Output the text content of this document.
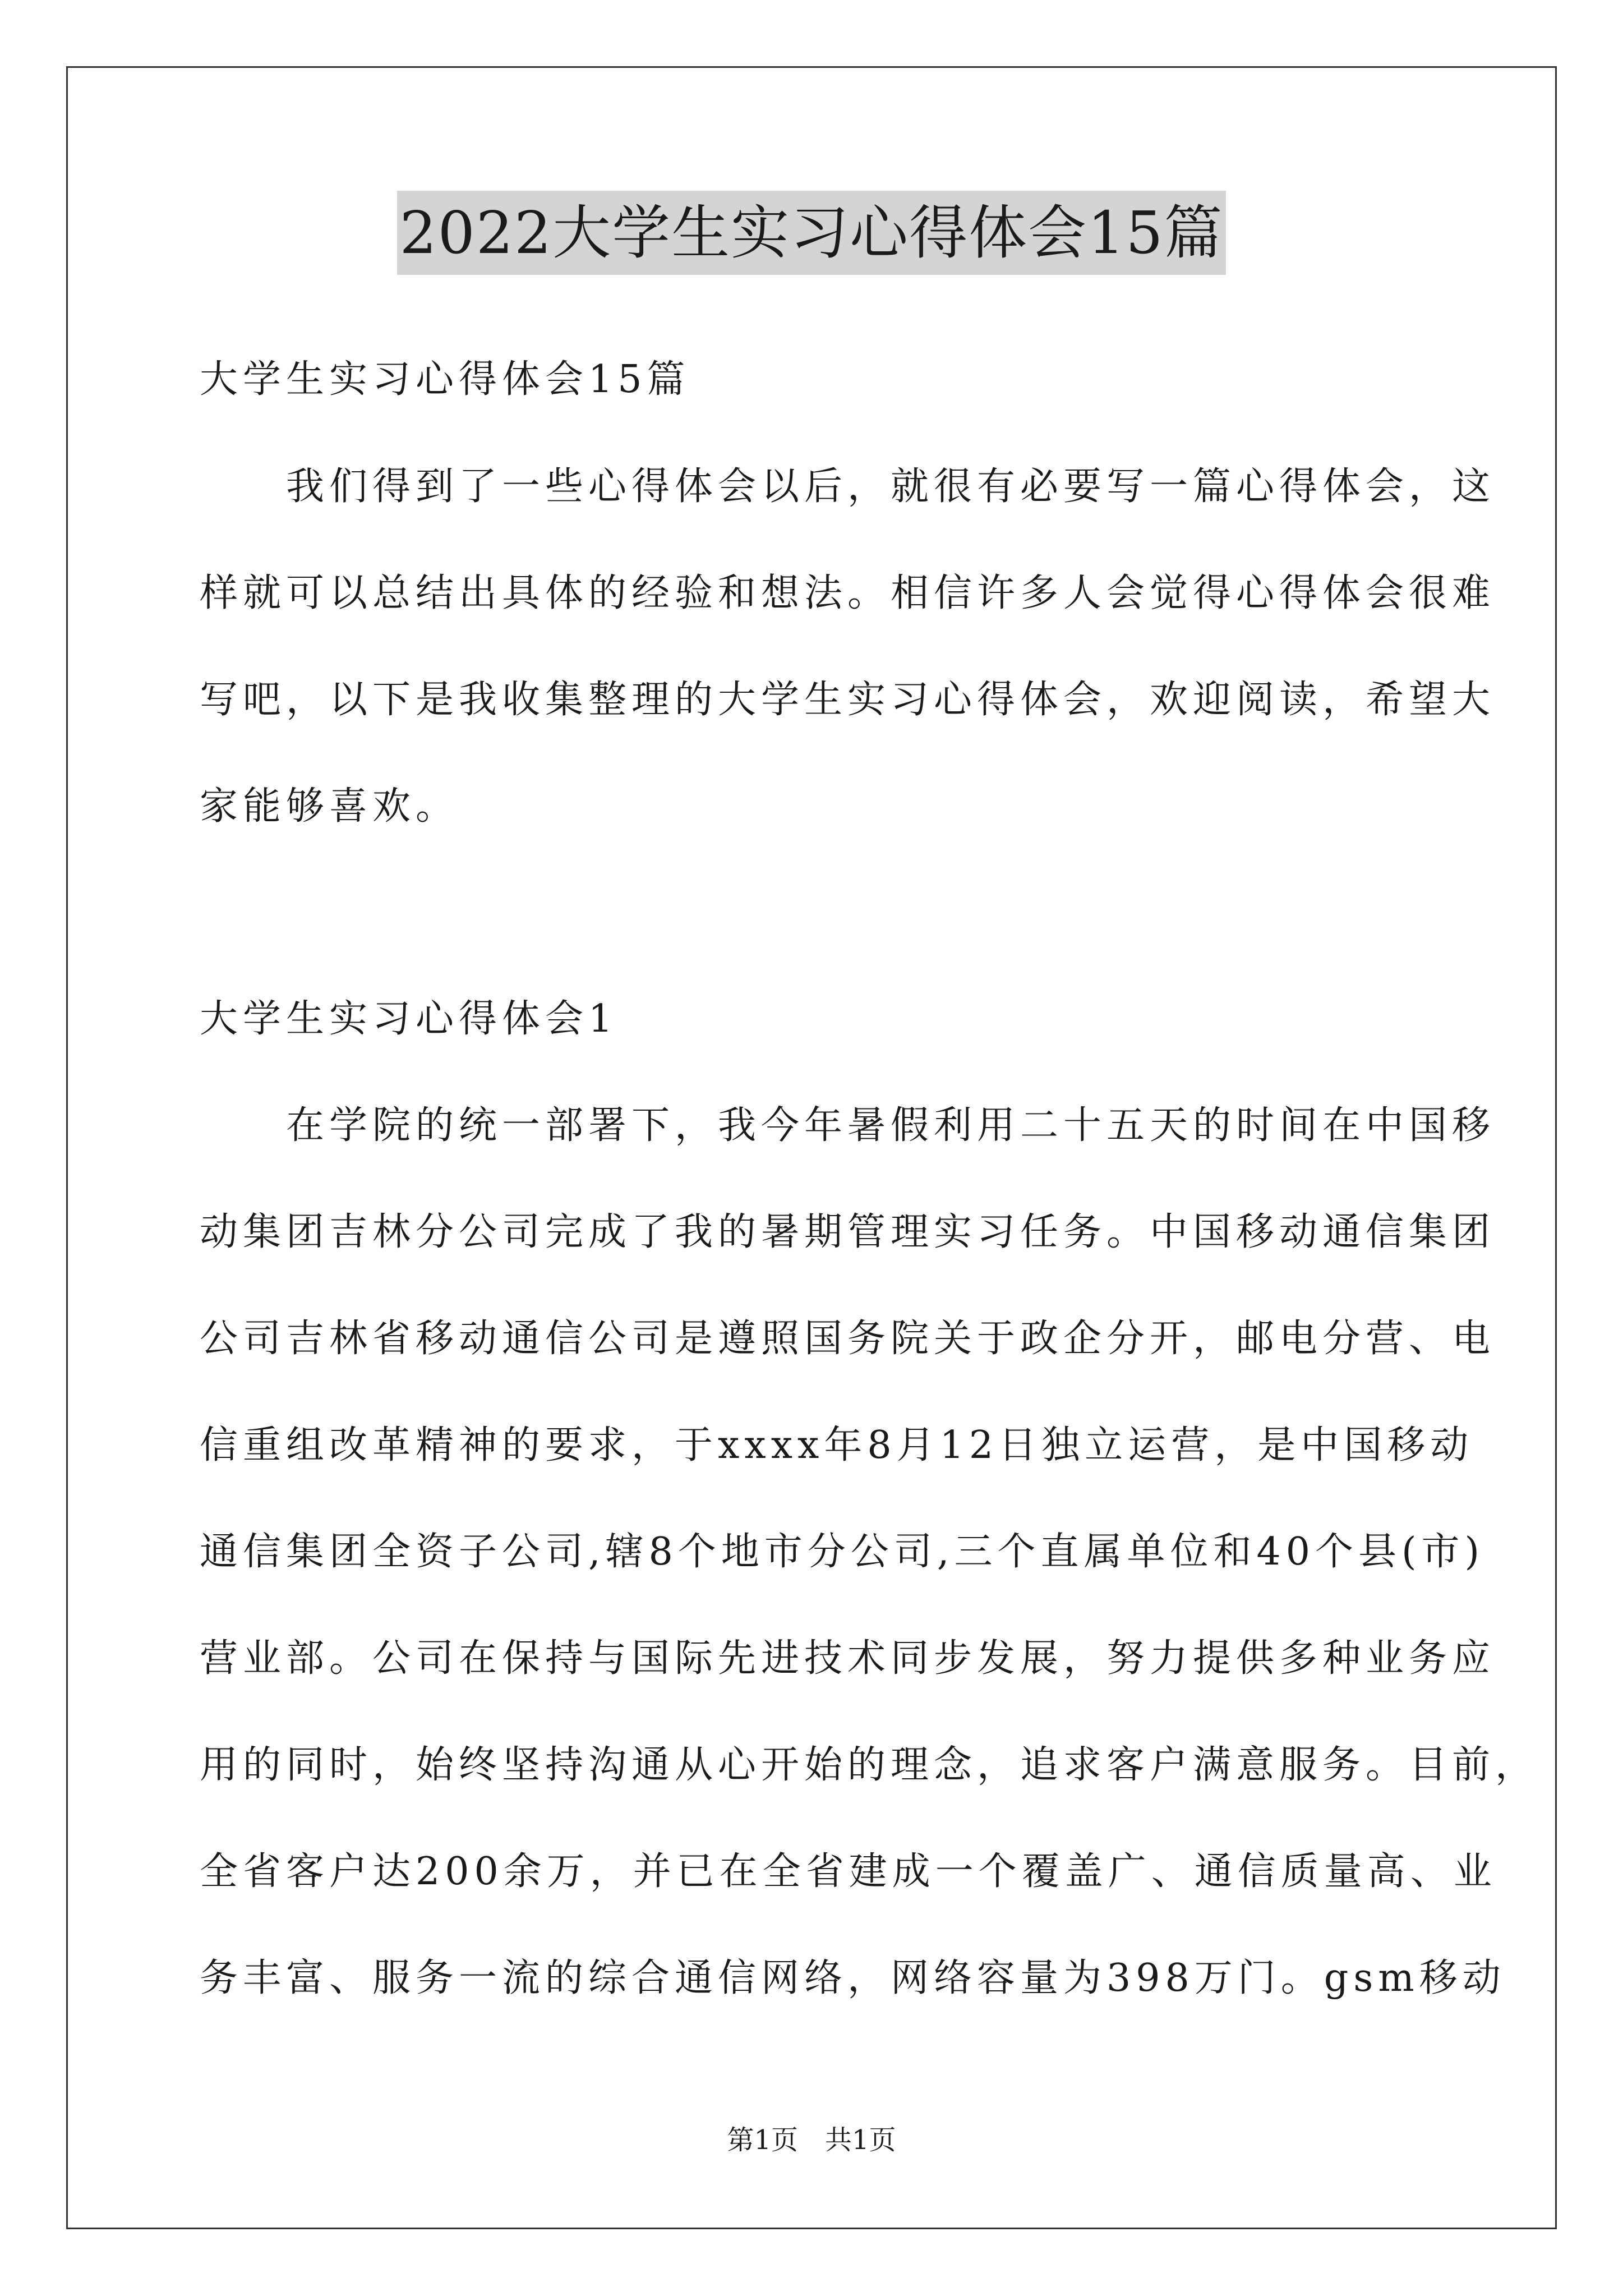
2022大学生实习心得体会15篇
大学生实习心得体会15篇
　　我们得到了一些心得体会以后，就很有必要写一篇心得体会，这
样就可以总结出具体的经验和想法。相信许多人会觉得心得体会很难
写吧，以下是我收集整理的大学生实习心得体会，欢迎阅读，希望大
家能够喜欢。
大学生实习心得体会1
　　在学院的统一部署下，我今年暑假利用二十五天的时间在中国移
动集团吉林分公司完成了我的暑期管理实习任务。中国移动通信集团
公司吉林省移动通信公司是遵照国务院关于政企分开，邮电分营、电
信重组改革精神的要求，于xxxx年8月12日独立运营，是中国移动
通信集团全资子公司,辖8个地市分公司,三个直属单位和40个县(市)
营业部。公司在保持与国际先进技术同步发展，努力提供多种业务应
用的同时，始终坚持沟通从心开始的理念，追求客户满意服务。目前，
全省客户达200余万，并已在全省建成一个覆盖广、通信质量高、业
务丰富、服务一流的综合通信网络，网络容量为398万门。gsm移动
第1页　共1页
